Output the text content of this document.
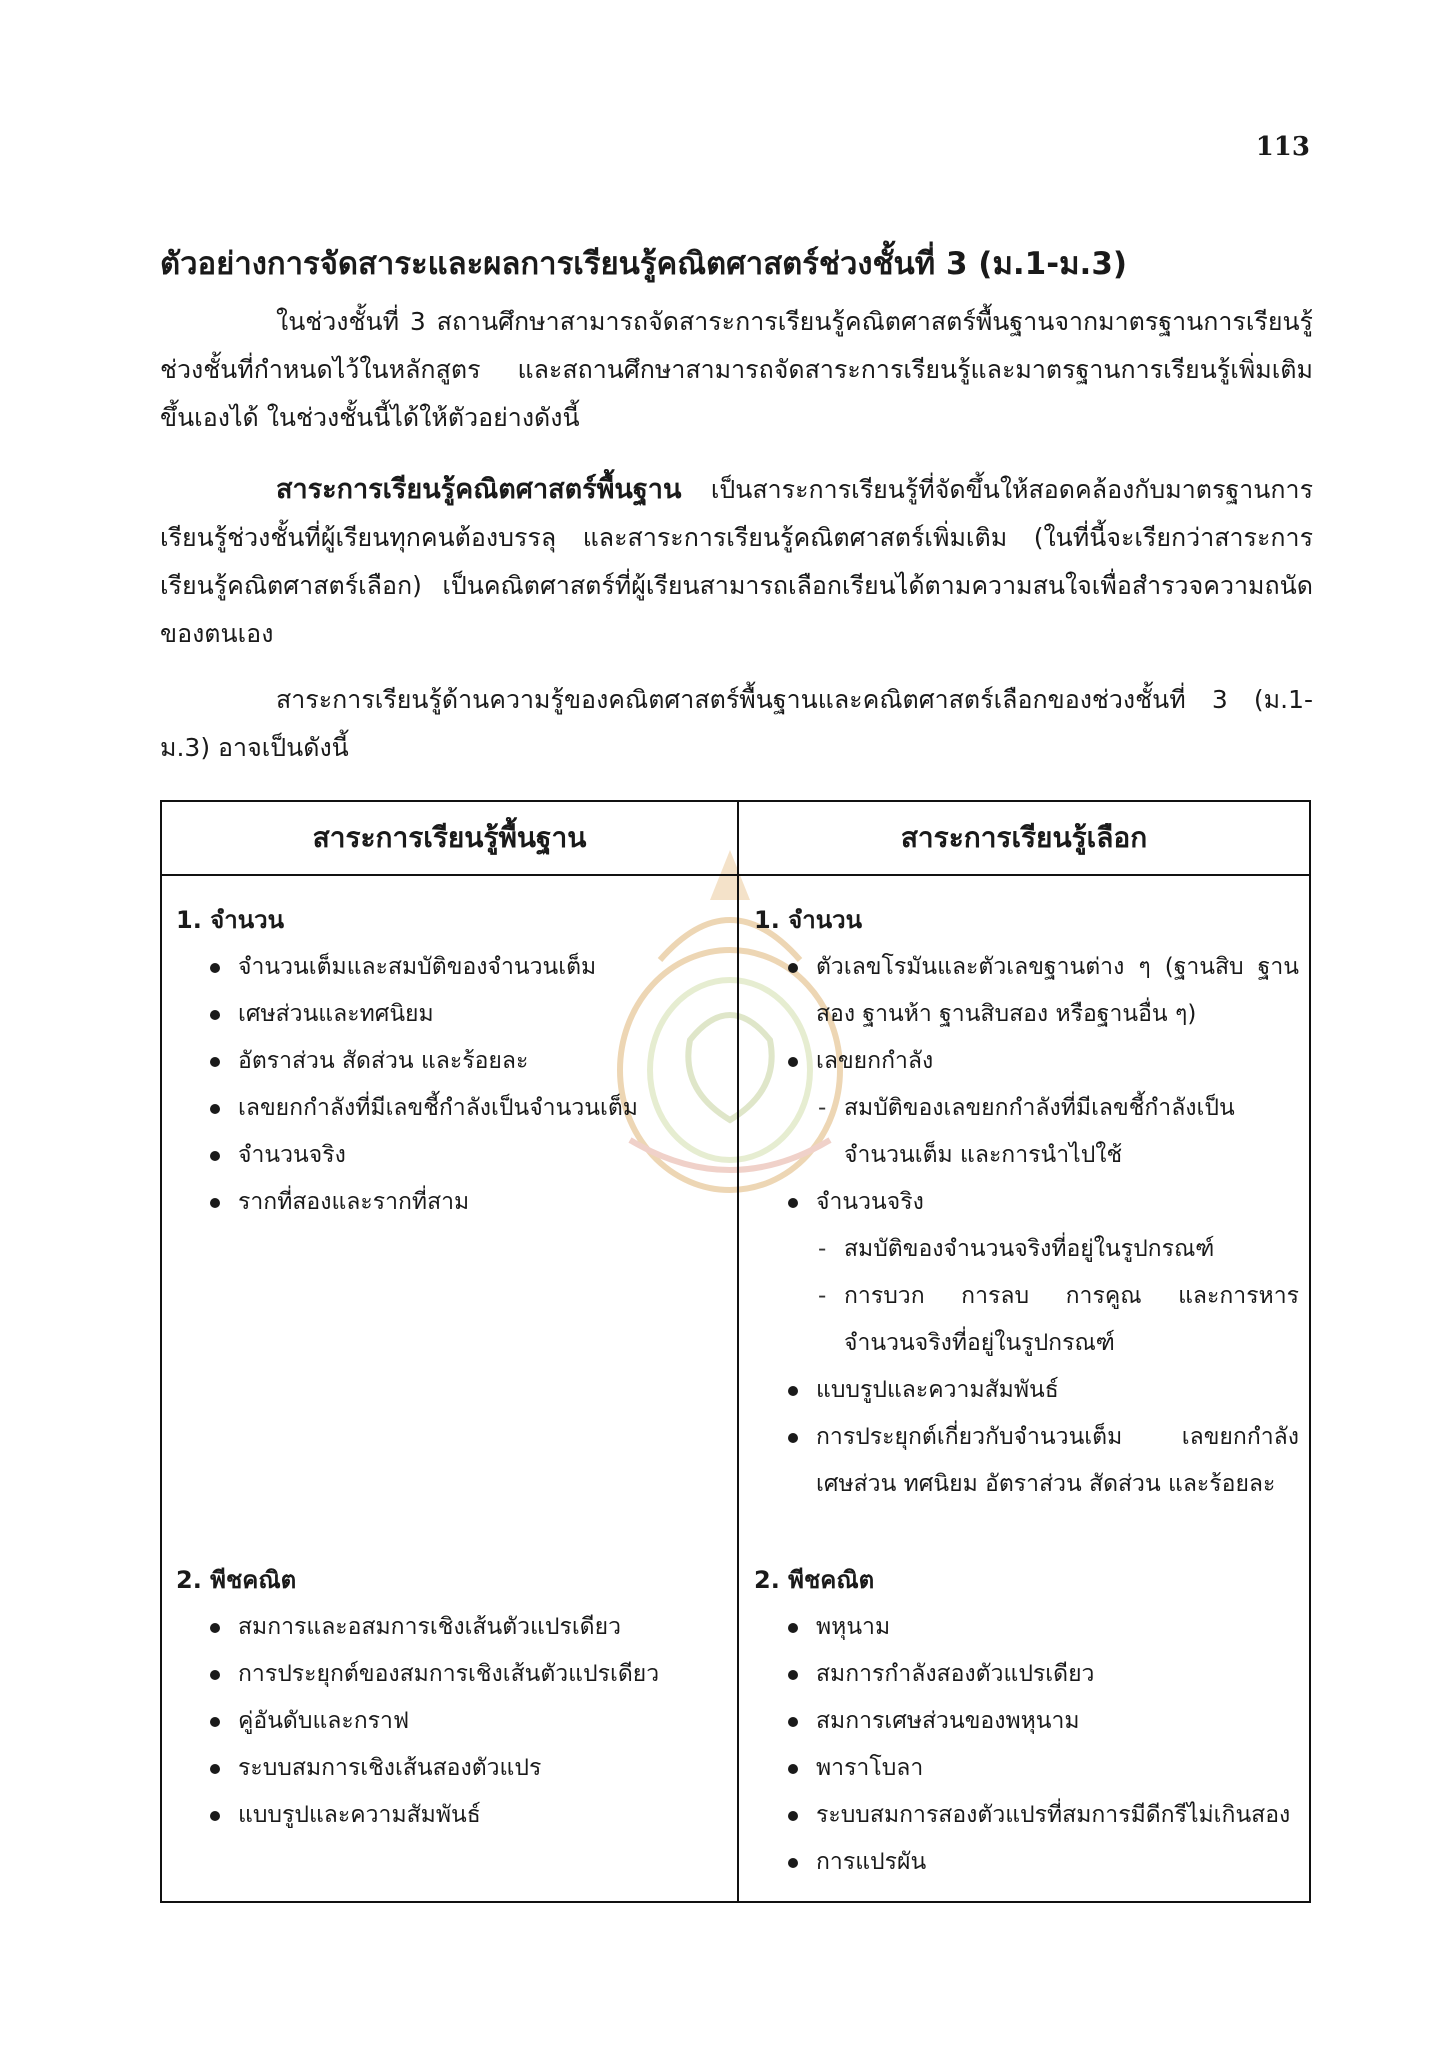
113
ตัวอย่างการจัดสาระและผลการเรียนรู้คณิตศาสตร์ช่วงชั้นที่ 3 (ม.1-ม.3)
ในช่วงชั้นที่ 3 สถานศึกษาสามารถจัดสาระการเรียนรู้คณิตศาสตร์พื้นฐานจากมาตรฐานการเรียนรู้ช่วงชั้นที่กำหนดไว้ในหลักสูตร และสถานศึกษาสามารถจัดสาระการเรียนรู้และมาตรฐานการเรียนรู้เพิ่มเติมขึ้นเองได้ ในช่วงชั้นนี้ได้ให้ตัวอย่างดังนี้
สาระการเรียนรู้คณิตศาสตร์พื้นฐาน เป็นสาระการเรียนรู้ที่จัดขึ้นให้สอดคล้องกับมาตรฐานการเรียนรู้ช่วงชั้นที่ผู้เรียนทุกคนต้องบรรลุ และสาระการเรียนรู้คณิตศาสตร์เพิ่มเติม (ในที่นี้จะเรียกว่าสาระการเรียนรู้คณิตศาสตร์เลือก) เป็นคณิตศาสตร์ที่ผู้เรียนสามารถเลือกเรียนได้ตามความสนใจเพื่อสำรวจความถนัดของตนเอง
สาระการเรียนรู้ด้านความรู้ของคณิตศาสตร์พื้นฐานและคณิตศาสตร์เลือกของช่วงชั้นที่ 3 (ม.1-ม.3) อาจเป็นดังนี้
สาระการเรียนรู้พื้นฐาน	สาระการเรียนรู้เลือก
1. จำนวน
จำนวนเต็มและสมบัติของจำนวนเต็ม
เศษส่วนและทศนิยม
อัตราส่วน สัดส่วน และร้อยละ
เลขยกกำลังที่มีเลขชี้กำลังเป็นจำนวนเต็ม
จำนวนจริง
รากที่สองและรากที่สาม
2. พีชคณิต
สมการและอสมการเชิงเส้นตัวแปรเดียว
การประยุกต์ของสมการเชิงเส้นตัวแปรเดียว
คู่อันดับและกราฟ
ระบบสมการเชิงเส้นสองตัวแปร
แบบรูปและความสัมพันธ์
1. จำนวน
ตัวเลขโรมันและตัวเลขฐานต่าง ๆ (ฐานสิบ ฐานสอง ฐานห้า ฐานสิบสอง หรือฐานอื่น ๆ)
เลขยกกำลัง
- สมบัติของเลขยกกำลังที่มีเลขชี้กำลังเป็นจำนวนเต็ม และการนำไปใช้
จำนวนจริง
- สมบัติของจำนวนจริงที่อยู่ในรูปกรณฑ์
- การบวก การลบ การคูณ และการหารจำนวนจริงที่อยู่ในรูปกรณฑ์
แบบรูปและความสัมพันธ์
การประยุกต์เกี่ยวกับจำนวนเต็ม เลขยกกำลัง เศษส่วน ทศนิยม อัตราส่วน สัดส่วน และร้อยละ
2. พีชคณิต
พหุนาม
สมการกำลังสองตัวแปรเดียว
สมการเศษส่วนของพหุนาม
พาราโบลา
ระบบสมการสองตัวแปรที่สมการมีดีกรีไม่เกินสอง
การแปรผัน
